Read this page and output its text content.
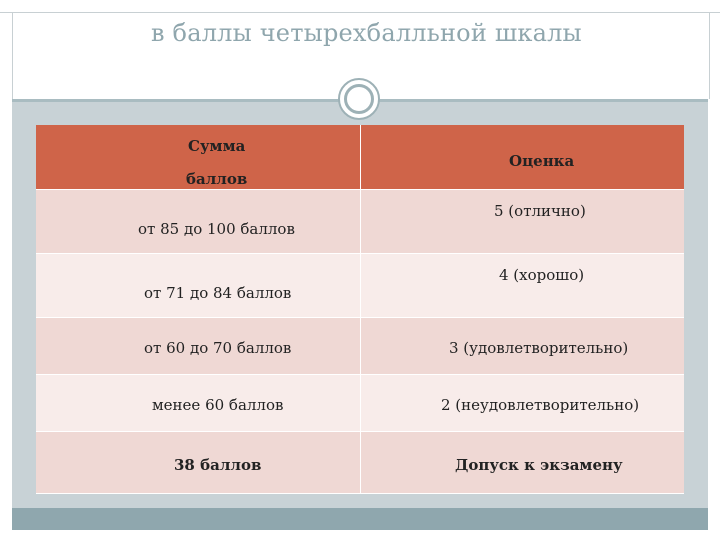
в баллы четырехбалльной шкалы
Сумма
баллов	Оценка

от 85 до 100 баллов	5 (отлично)

от 71 до 84 баллов	4 (хорошо)

от 60 до 70 баллов	3 (удовлетворительно)

менее 60 баллов	2 (неудовлетворительно)

38 баллов	Допуск к экзамену
